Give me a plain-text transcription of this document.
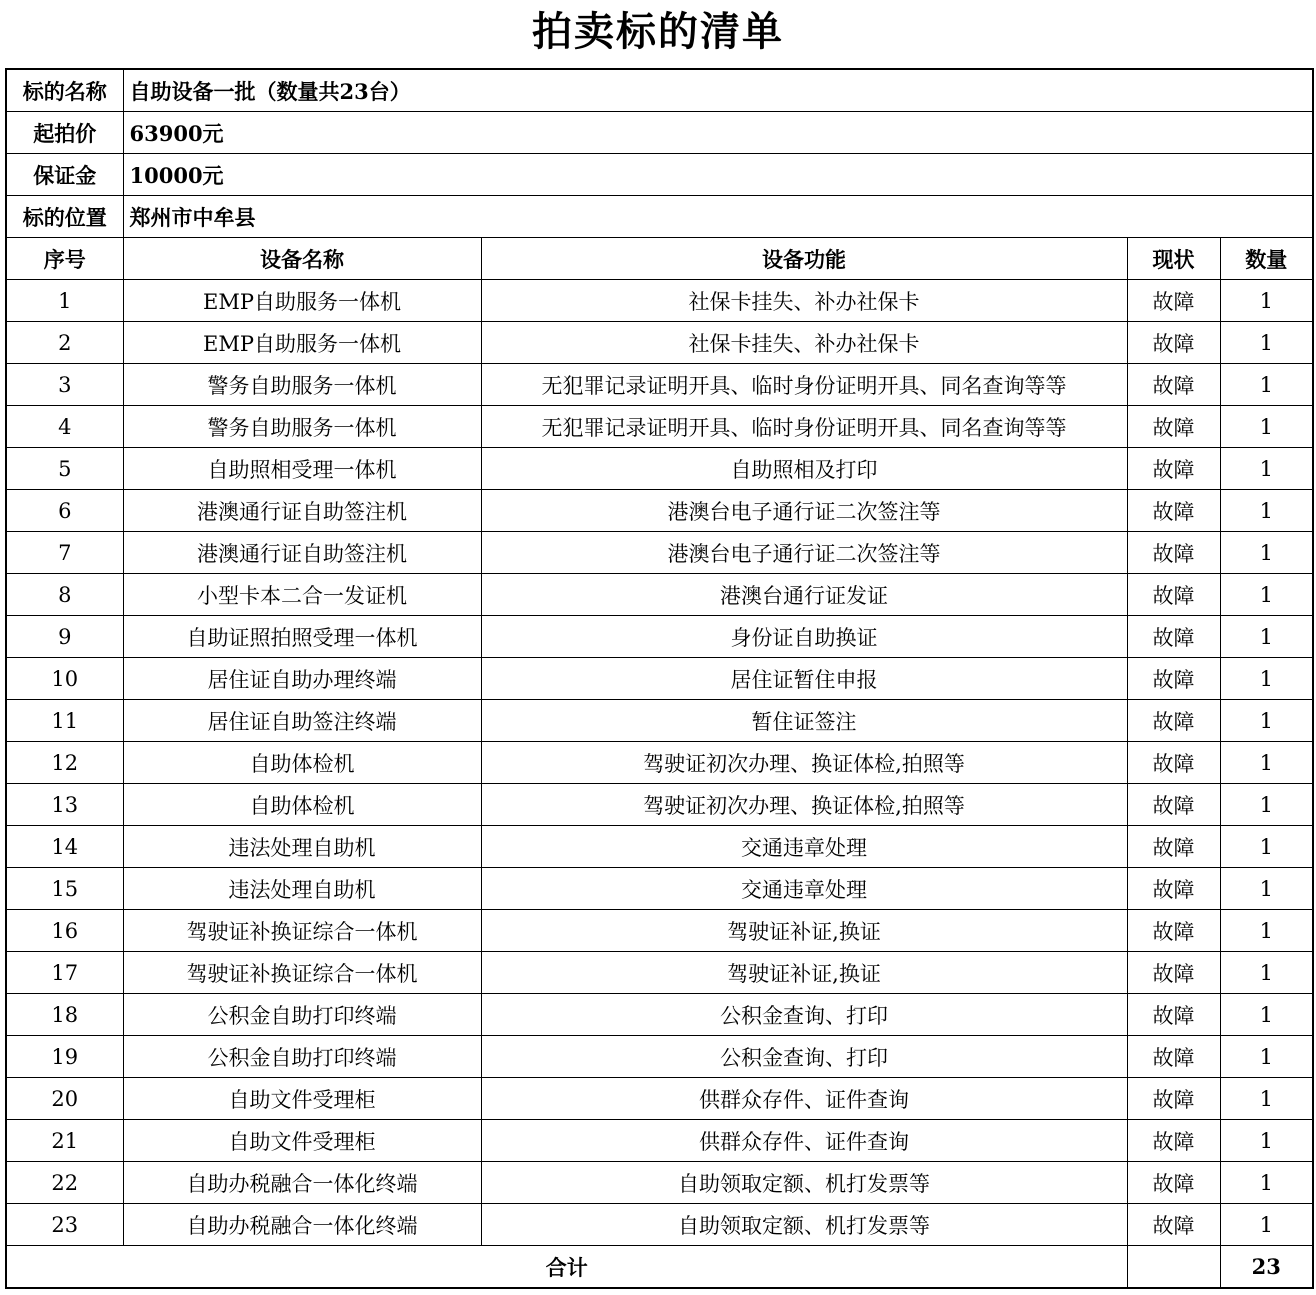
拍卖标的清单
标的名称	自助设备一批（数量共23台）			
起拍价	63900元			
保证金	10000元			
标的位置	郑州市中牟县			
序号	设备名称	设备功能	现状	数量
1	EMP自助服务一体机	社保卡挂失、补办社保卡	故障	1
2	EMP自助服务一体机	社保卡挂失、补办社保卡	故障	1
3	警务自助服务一体机	无犯罪记录证明开具、临时身份证明开具、同名查询等等	故障	1
4	警务自助服务一体机	无犯罪记录证明开具、临时身份证明开具、同名查询等等	故障	1
5	自助照相受理一体机	自助照相及打印	故障	1
6	港澳通行证自助签注机	港澳台电子通行证二次签注等	故障	1
7	港澳通行证自助签注机	港澳台电子通行证二次签注等	故障	1
8	小型卡本二合一发证机	港澳台通行证发证	故障	1
9	自助证照拍照受理一体机	身份证自助换证	故障	1
10	居住证自助办理终端	居住证暂住申报	故障	1
11	居住证自助签注终端	暂住证签注	故障	1
12	自助体检机	驾驶证初次办理、换证体检,拍照等	故障	1
13	自助体检机	驾驶证初次办理、换证体检,拍照等	故障	1
14	违法处理自助机	交通违章处理	故障	1
15	违法处理自助机	交通违章处理	故障	1
16	驾驶证补换证综合一体机	驾驶证补证,换证	故障	1
17	驾驶证补换证综合一体机	驾驶证补证,换证	故障	1
18	公积金自助打印终端	公积金查询、打印	故障	1
19	公积金自助打印终端	公积金查询、打印	故障	1
20	自助文件受理柜	供群众存件、证件查询	故障	1
21	自助文件受理柜	供群众存件、证件查询	故障	1
22	自助办税融合一体化终端	自助领取定额、机打发票等	故障	1
23	自助办税融合一体化终端	自助领取定额、机打发票等	故障	1
合计				23
